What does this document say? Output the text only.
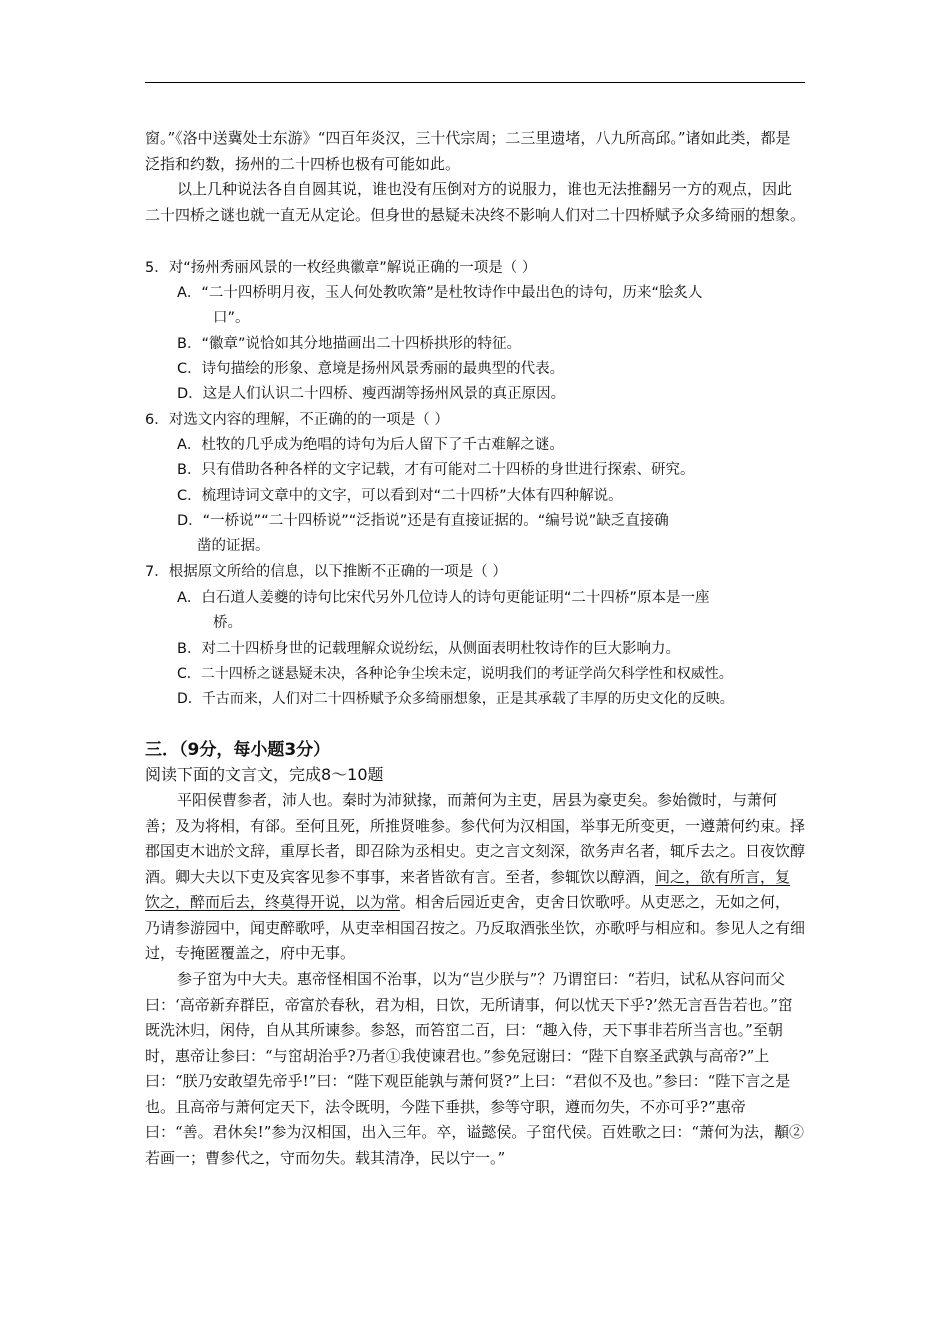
窗。”《洛中送冀处士东游》“四百年炎汉，三十代宗周；二三里遗堵，八九所高邱。”诸如此类，都是泛指和约数，扬州的二十四桥也极有可能如此。

以上几种说法各自自圆其说，谁也没有压倒对方的说服力，谁也无法推翻另一方的观点，因此二十四桥之谜也就一直无从定论。但身世的悬疑未决终不影响人们对二十四桥赋予众多绮丽的想象。

5．对“扬州秀丽风景的一枚经典徽章”解说正确的一项是（ ）
A．“二十四桥明月夜，玉人何处教吹箫”是杜牧诗作中最出色的诗句，历来“脍炙人
口”。
B．“徽章”说恰如其分地描画出二十四桥拱形的特征。
C．诗句描绘的形象、意境是扬州风景秀丽的最典型的代表。
D．这是人们认识二十四桥、瘦西湖等扬州风景的真正原因。
6．对选文内容的理解，不正确的的一项是（ ）
A．杜牧的几乎成为绝唱的诗句为后人留下了千古难解之谜。
B．只有借助各种各样的文字记载，才有可能对二十四桥的身世进行探索、研究。
C．梳理诗词文章中的文字，可以看到对“二十四桥”大体有四种解说。
D．“一桥说”“二十四桥说”“泛指说”还是有直接证据的。“编号说”缺乏直接确
凿的证据。
7．根据原文所给的信息，以下推断不正确的一项是（ ）
A．白石道人姜夔的诗句比宋代另外几位诗人的诗句更能证明“二十四桥”原本是一座
桥。
B．对二十四桥身世的记载理解众说纷纭，从侧面表明杜牧诗作的巨大影响力。
C．二十四桥之谜悬疑未决，各种论争尘埃未定，说明我们的考证学尚欠科学性和权威性。
D．千古而来，人们对二十四桥赋予众多绮丽想象，正是其承载了丰厚的历史文化的反映。
三．（9分，每小题3分）
阅读下面的文言文，完成8～10题

平阳侯曹参者，沛人也。秦时为沛狱掾，而萧何为主吏，居县为豪吏矣。参始微时，与萧何善；及为将相，有郤。至何且死，所推贤唯参。参代何为汉相国，举事无所变更，一遵萧何约束。择郡国吏木诎於文辞，重厚长者，即召除为丞相史。吏之言文刻深，欲务声名者，辄斥去之。日夜饮醇酒。卿大夫以下吏及宾客见参不事事，来者皆欲有言。至者，参辄饮以醇酒，间之，欲有所言，复饮之，醉而后去，终莫得开说，以为常。相舍后园近吏舍，吏舍日饮歌呼。从吏恶之，无如之何，乃请参游园中，闻吏醉歌呼，从吏幸相国召按之。乃反取酒张坐饮，亦歌呼与相应和。参见人之有细过，专掩匿覆盖之，府中无事。

参子窋为中大夫。惠帝怪相国不治事，以为“岂少朕与”？乃谓窋曰：“若归，试私从容问而父曰：‘高帝新弃群臣，帝富於春秋，君为相，日饮，无所请事，何以忧天下乎?’然无言吾告若也。”窋既洗沐归，闲侍，自从其所谏参。参怒，而笞窋二百，曰：“趣入侍，天下事非若所当言也。”至朝时，惠帝让参曰：“与窋胡治乎?乃者①我使谏君也。”参免冠谢曰：“陛下自察圣武孰与高帝?”上曰：“朕乃安敢望先帝乎!”曰：“陛下观臣能孰与萧何贤?”上曰：“君似不及也。”参曰：“陛下言之是也。且高帝与萧何定天下，法令既明，今陛下垂拱，参等守职，遵而勿失，不亦可乎?”惠帝曰：“善。君休矣!”参为汉相国，出入三年。卒，谥懿侯。子窋代侯。百姓歌之曰：“萧何为法，顜②若画一；曹参代之，守而勿失。载其清净，民以宁一。”
